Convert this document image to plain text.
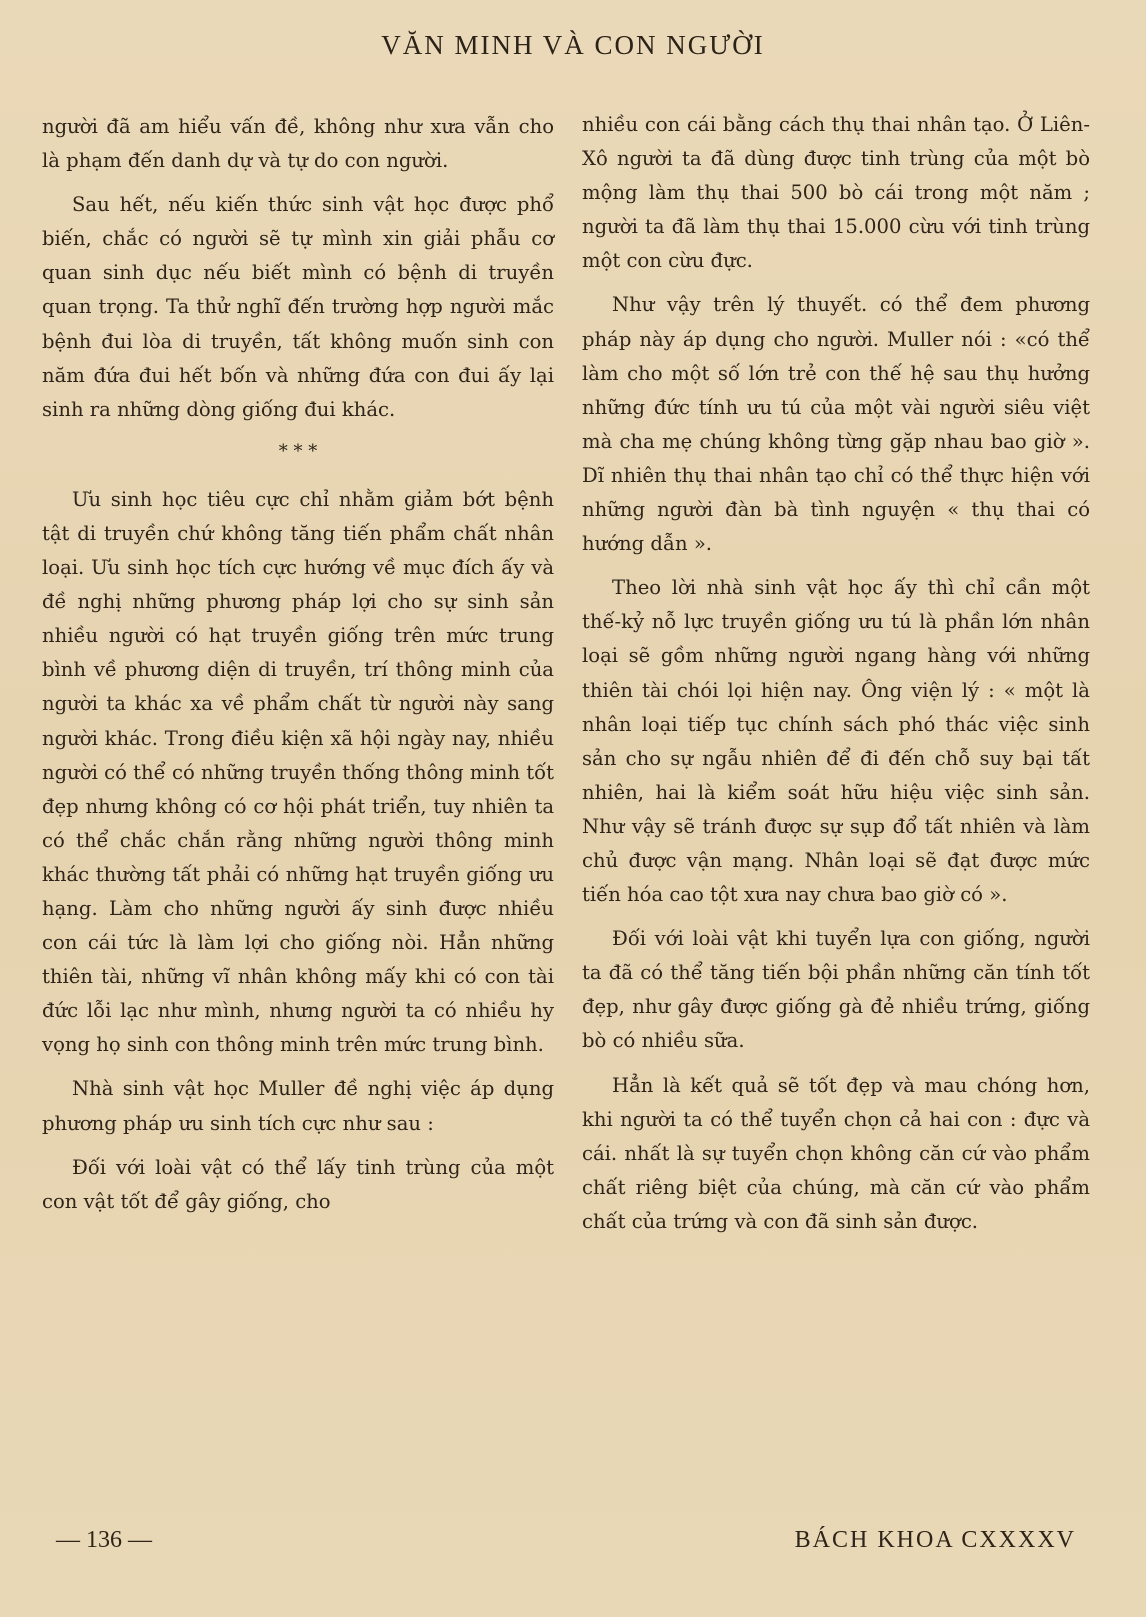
VĂN MINH VÀ CON NGƯỜI

người đã am hiểu vấn đề, không như xưa vẫn cho là phạm đến danh dự và tự do con người.

Sau hết, nếu kiến thức sinh vật học được phổ biến, chắc có người sẽ tự mình xin giải phẫu cơ quan sinh dục nếu biết mình có bệnh di truyền quan trọng. Ta thử nghĩ đến trường hợp người mắc bệnh đui lòa di truyền, tất không muốn sinh con năm đứa đui hết bốn và những đứa con đui ấy lại sinh ra những dòng giống đui khác.

* * *

Ưu sinh học tiêu cực chỉ nhằm giảm bớt bệnh tật di truyền chứ không tăng tiến phẩm chất nhân loại. Ưu sinh học tích cực hướng về mục đích ấy và đề nghị những phương pháp lợi cho sự sinh sản nhiều người có hạt truyền giống trên mức trung bình về phương diện di truyền, trí thông minh của người ta khác xa về phẩm chất từ người này sang người khác. Trong điều kiện xã hội ngày nay, nhiều người có thể có những truyền thống thông minh tốt đẹp nhưng không có cơ hội phát triển, tuy nhiên ta có thể chắc chắn rằng những người thông minh khác thường tất phải có những hạt truyền giống ưu hạng. Làm cho những người ấy sinh được nhiều con cái tức là làm lợi cho giống nòi. Hẳn những thiên tài, những vĩ nhân không mấy khi có con tài đức lỗi lạc như mình, nhưng người ta có nhiều hy vọng họ sinh con thông minh trên mức trung bình.

Nhà sinh vật học Muller đề nghị việc áp dụng phương pháp ưu sinh tích cực như sau :

Đối với loài vật có thể lấy tinh trùng của một con vật tốt để gây giống, cho

nhiều con cái bằng cách thụ thai nhân tạo. Ở Liên-Xô người ta đã dùng được tinh trùng của một bò mộng làm thụ thai 500 bò cái trong một năm ; người ta đã làm thụ thai 15.000 cừu với tinh trùng một con cừu đực.

Như vậy trên lý thuyết. có thể đem phương pháp này áp dụng cho người. Muller nói : «có thể làm cho một số lớn trẻ con thế hệ sau thụ hưởng những đức tính ưu tú của một vài người siêu việt mà cha mẹ chúng không từng gặp nhau bao giờ ». Dĩ nhiên thụ thai nhân tạo chỉ có thể thực hiện với những người đàn bà tình nguyện « thụ thai có hướng dẫn ».

Theo lời nhà sinh vật học ấy thì chỉ cần một thế-kỷ nỗ lực truyền giống ưu tú là phần lớn nhân loại sẽ gồm những người ngang hàng với những thiên tài chói lọi hiện nay. Ông viện lý : « một là nhân loại tiếp tục chính sách phó thác việc sinh sản cho sự ngẫu nhiên để đi đến chỗ suy bại tất nhiên, hai là kiểm soát hữu hiệu việc sinh sản. Như vậy sẽ tránh được sự sụp đổ tất nhiên và làm chủ được vận mạng. Nhân loại sẽ đạt được mức tiến hóa cao tột xưa nay chưa bao giờ có ».

Đối với loài vật khi tuyển lựa con giống, người ta đã có thể tăng tiến bội phần những căn tính tốt đẹp, như gây được giống gà đẻ nhiều trứng, giống bò có nhiều sữa.

Hẳn là kết quả sẽ tốt đẹp và mau chóng hơn, khi người ta có thể tuyển chọn cả hai con : đực và cái. nhất là sự tuyển chọn không căn cứ vào phẩm chất riêng biệt của chúng, mà căn cứ vào phẩm chất của trứng và con đã sinh sản được.

— 136 —	BÁCH KHOA CXXXXV
